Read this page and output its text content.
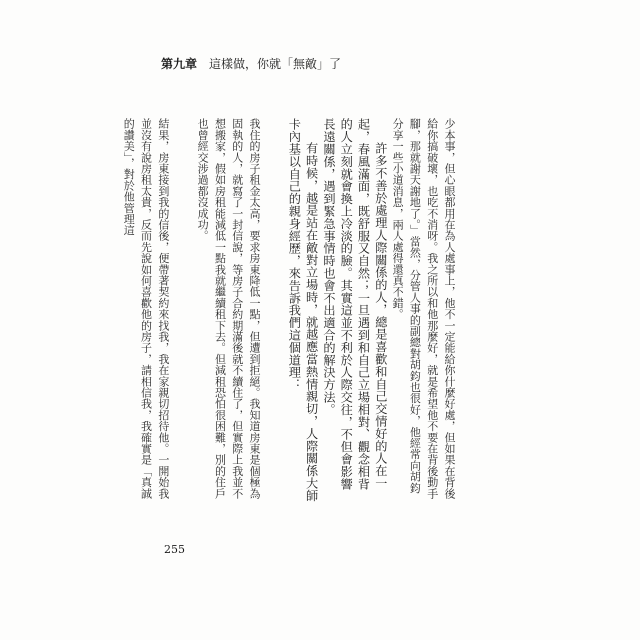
第九章 這樣做，你就「無敵」了

少本事，但心眼都用在為人處事上，他不一定能給你什麼好處，但如果在背後給你搞破壞，也吃不消呀。我之所以和他那麼好，就是希望他不要在背後動手腳，那就謝天謝地了。」當然，分管人事的副總對胡鈞也很好，他經常向胡鈞分享一些小道消息，兩人處得還真不錯。

許多不善於處理人際關係的人，總是喜歡和自己交情好的人在一起，春風滿面，既舒服又自然；一旦遇到和自己立場相對、觀念相背的人立刻就會換上冷淡的臉。其實這並不利於人際交往，不但會影響長遠關係，遇到緊急事情時也會不出適合的解決方法。

有時候，越是站在敵對立場時，就越應當熱情親切，人際關係大師卡內基以自己的親身經歷，來告訴我們這個道理：

我住的房子租金太高，要求房東降低一點，但遭到拒絕。我知道房東是個極為固執的人，就寫了一封信說，等房子合約期滿後就不續住了，但實際上我並不想搬家，假如房租能減低一點我就繼續租下去。但減租恐怕很困難，別的住戶也曾經交涉過都沒成功。

結果，房東接到我的信後，便帶著契約來找我，我在家親切招待他。一開始我並沒有說房租太貴，反而先說如何喜歡他的房子，請相信我，我確實是「真誠的讚美」，對於他管理這

255
